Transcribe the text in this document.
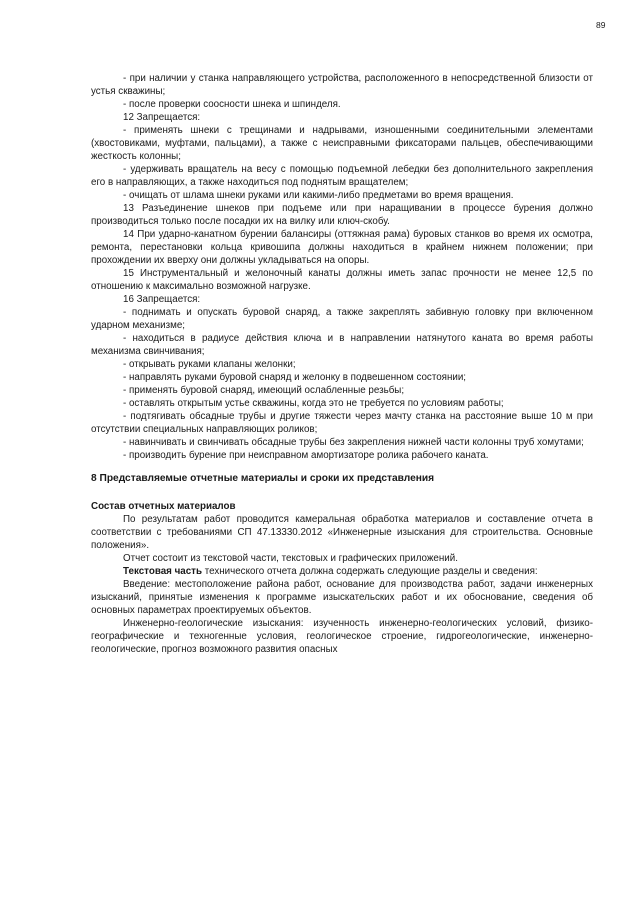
89

- при наличии у станка направляющего устройства, расположенного в непосредственной близости от устья скважины;

- после проверки соосности шнека и шпинделя.

12 Запрещается:

- применять шнеки с трещинами и надрывами, изношенными соединительными элементами (хвостовиками, муфтами, пальцами), а также с неисправными фиксаторами пальцев, обеспечивающими жесткость колонны;

- удерживать вращатель на весу с помощью подъемной лебедки без дополнительного закрепления его в направляющих, а также находиться под поднятым вращателем;

- очищать от шлама шнеки руками или какими-либо предметами во время вращения.

13 Разъединение шнеков при подъеме или при наращивании в процессе бурения должно производиться только после посадки их на вилку или ключ-скобу.

14 При ударно-канатном бурении балансиры (оттяжная рама) буровых станков во время их осмотра, ремонта, перестановки кольца кривошипа должны находиться в крайнем нижнем положении; при прохождении их вверху они должны укладываться на опоры.

15 Инструментальный и желоночный канаты должны иметь запас прочности не менее 12,5 по отношению к максимально возможной нагрузке.

16 Запрещается:

- поднимать и опускать буровой снаряд, а также закреплять забивную головку при включенном ударном механизме;

- находиться в радиусе действия ключа и в направлении натянутого каната во время работы механизма свинчивания;

- открывать руками клапаны желонки;

- направлять руками буровой снаряд и желонку в подвешенном состоянии;

- применять буровой снаряд, имеющий ослабленные резьбы;

- оставлять открытым устье скважины, когда это не требуется по условиям работы;

- подтягивать обсадные трубы и другие тяжести через мачту станка на расстояние выше 10 м при отсутствии специальных направляющих роликов;

- навинчивать и свинчивать обсадные трубы без закрепления нижней части колонны труб хомутами;

- производить бурение при неисправном амортизаторе ролика рабочего каната.

8 Представляемые отчетные материалы и сроки их представления

Состав отчетных материалов

По результатам работ проводится камеральная обработка материалов и составление отчета в соответствии с требованиями СП 47.13330.2012 «Инженерные изыскания для строительства. Основные положения».

Отчет состоит из текстовой части, текстовых и графических приложений.

Текстовая часть технического отчета должна содержать следующие разделы и сведения:

Введение: местоположение района работ, основание для производства работ, задачи инженерных изысканий, принятые изменения к программе изыскательских работ и их обоснование, сведения об основных параметрах проектируемых объектов.

Инженерно-геологические изыскания: изученность инженерно-геологических условий, физико-географические и техногенные условия, геологическое строение, гидрогеологические, инженерно-геологические, прогноз возможного развития опасных
